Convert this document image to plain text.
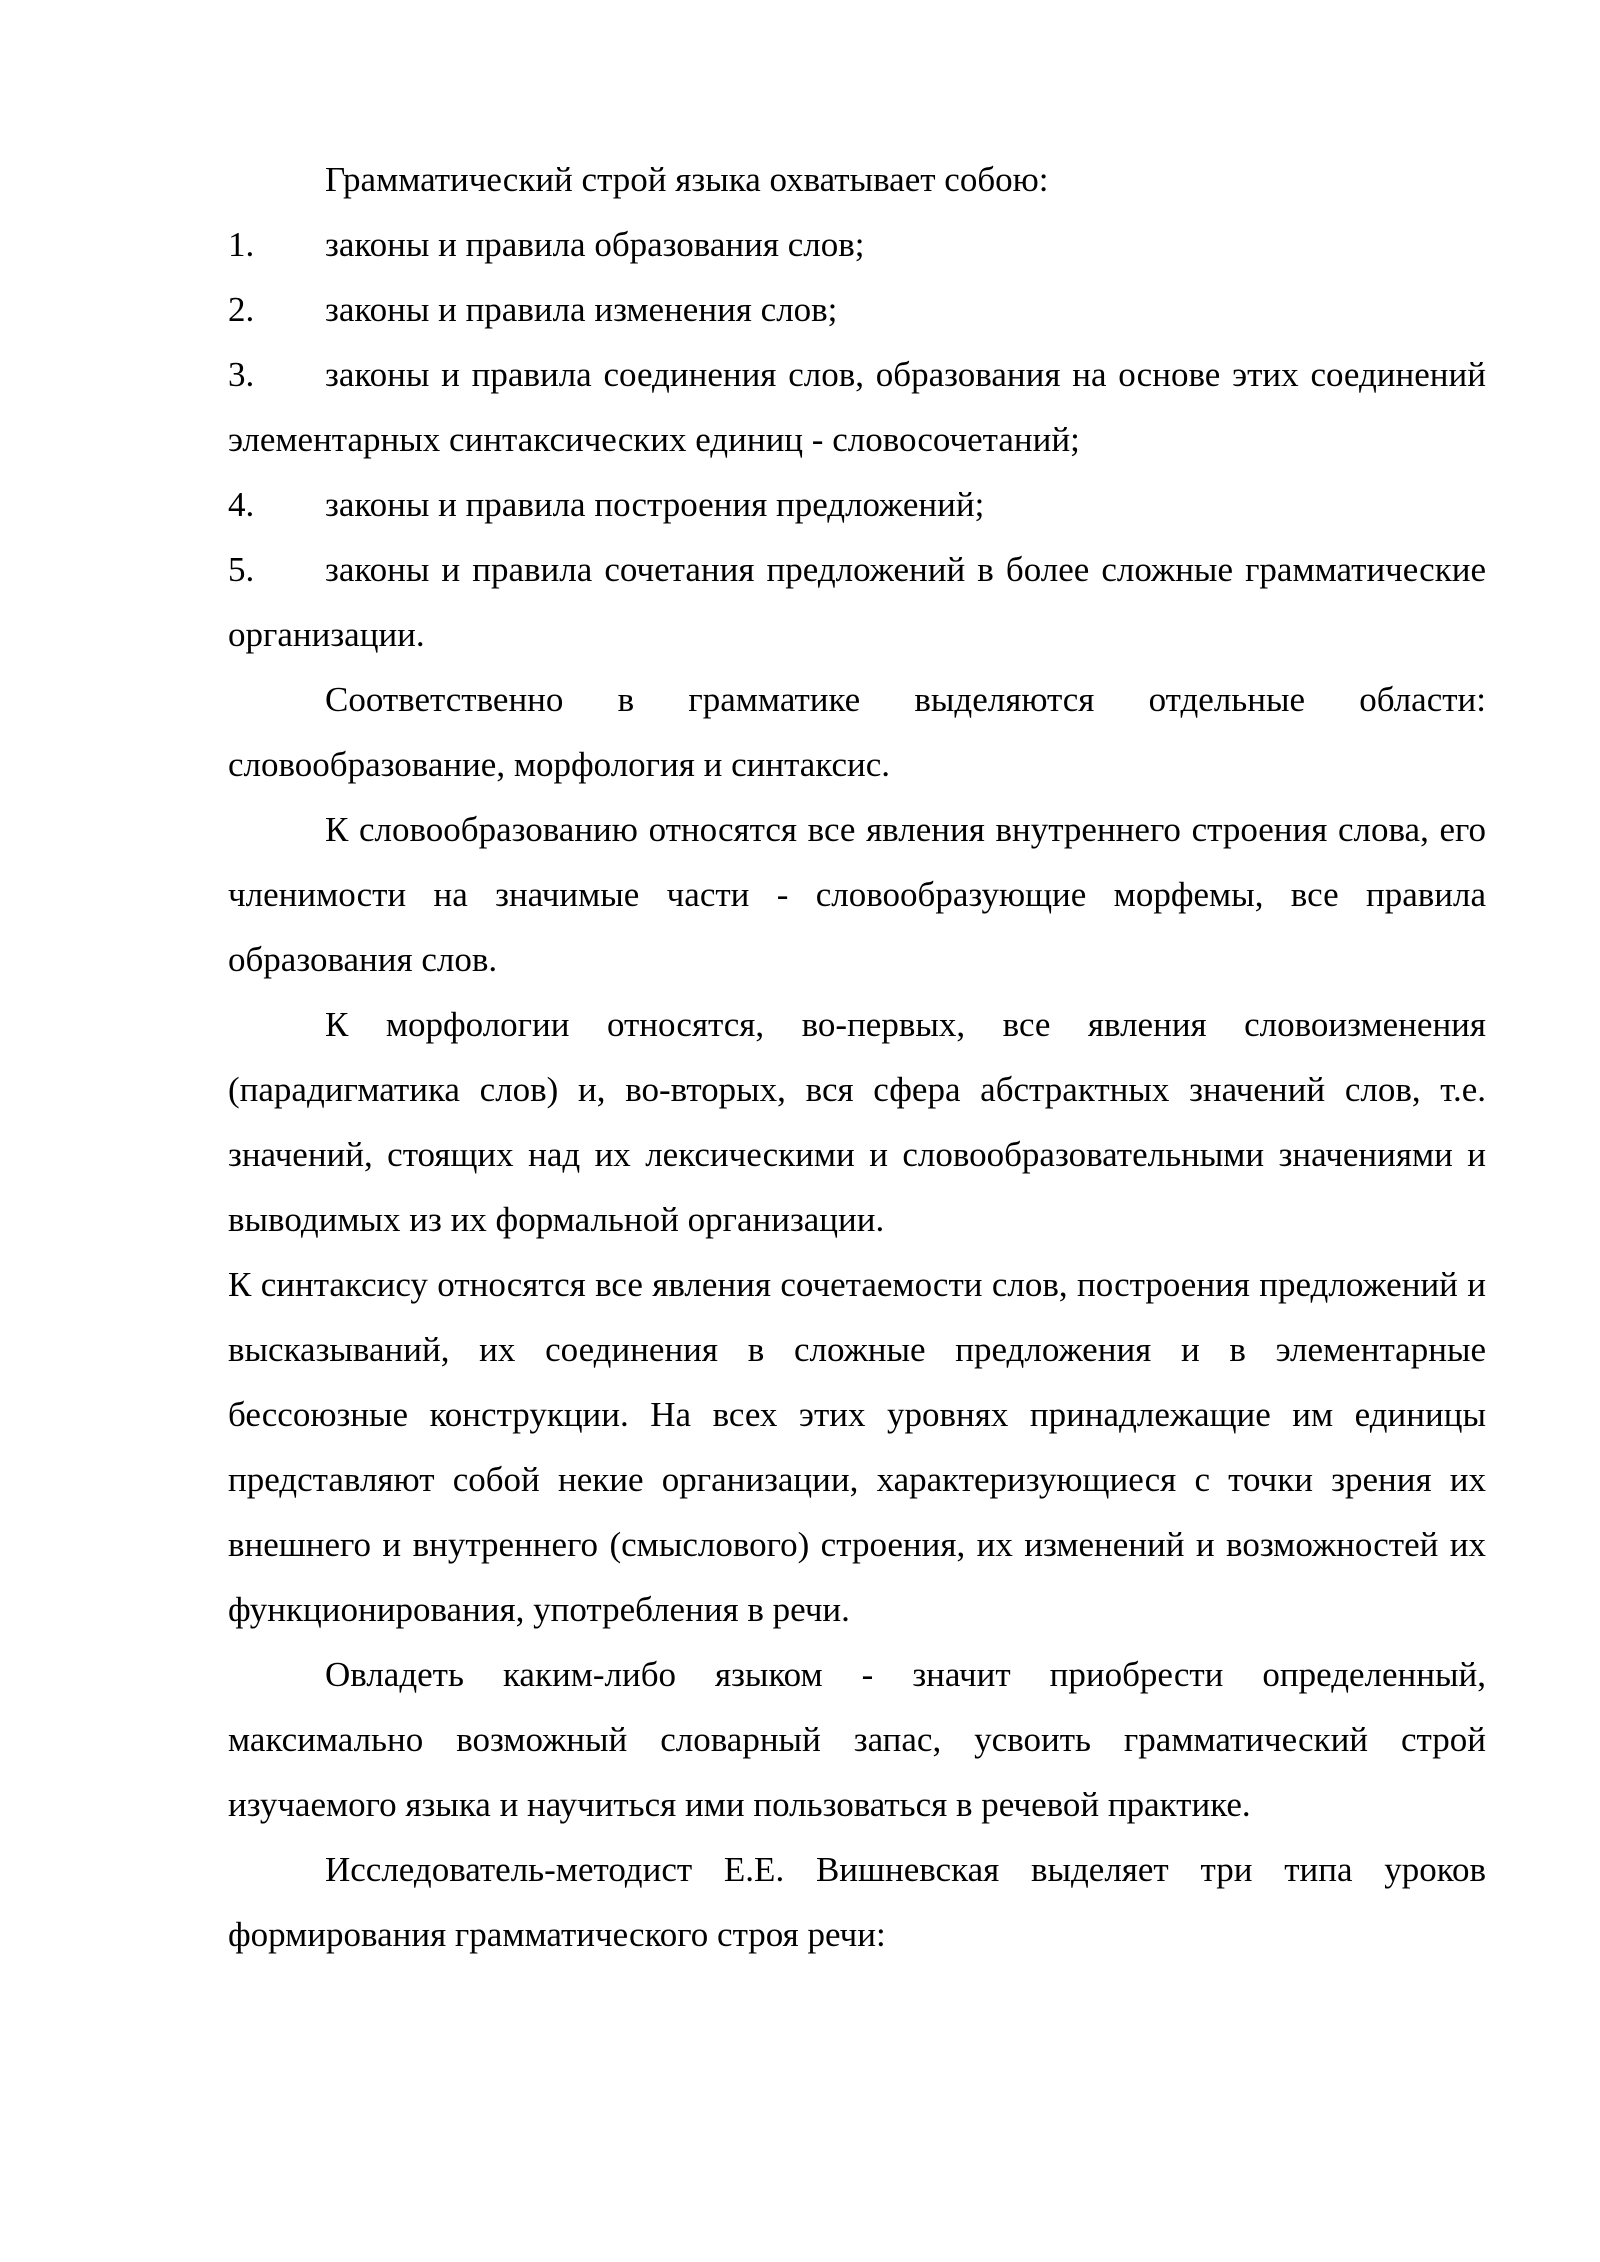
Грамматический строй языка охватывает собою:

1. законы и правила образования слов;

2. законы и правила изменения слов;

3. законы и правила соединения слов, образования на основе этих соединений элементарных синтаксических единиц - словосочетаний;

4. законы и правила построения предложений;

5. законы и правила сочетания предложений в более сложные грамматические организации.

Соответственно в грамматике выделяются отдельные области: словообразование, морфология и синтаксис.

К словообразованию относятся все явления внутреннего строения слова, его членимости на значимые части - словообразующие морфемы, все правила образования слов.

К морфологии относятся, во-первых, все явления словоизменения (парадигматика слов) и, во-вторых, вся сфера абстрактных значений слов, т.е. значений, стоящих над их лексическими и словообразовательными значениями и выводимых из их формальной организации.

К синтаксису относятся все явления сочетаемости слов, построения предложений и высказываний, их соединения в сложные предложения и в элементарные бессоюзные конструкции. На всех этих уровнях принадлежащие им единицы представляют собой некие организации, характеризующиеся с точки зрения их внешнего и внутреннего (смыслового) строения, их изменений и возможностей их функционирования, употребления в речи.

Овладеть каким-либо языком - значит приобрести определенный, максимально возможный словарный запас, усвоить грамматический строй изучаемого языка и научиться ими пользоваться в речевой практике.

Исследователь-методист Е.Е. Вишневская выделяет три типа уроков формирования грамматического строя речи:
